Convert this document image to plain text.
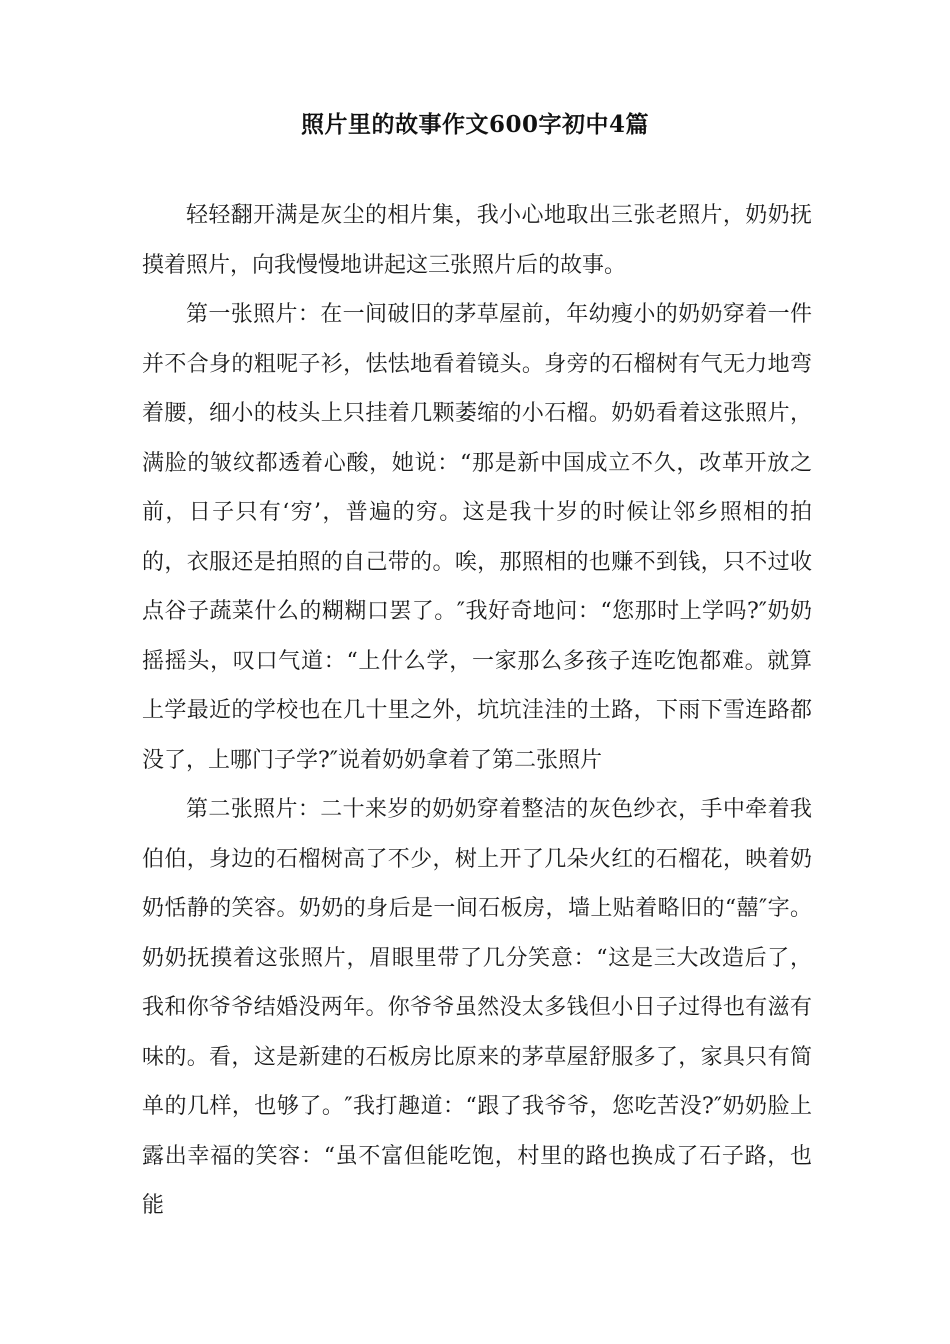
照片里的故事作文600字初中4篇

轻轻翻开满是灰尘的相片集，我小心地取出三张老照片，奶奶抚摸着照片，向我慢慢地讲起这三张照片后的故事。

第一张照片：在一间破旧的茅草屋前，年幼瘦小的奶奶穿着一件并不合身的粗呢子衫，怯怯地看着镜头。身旁的石榴树有气无力地弯着腰，细小的枝头上只挂着几颗萎缩的小石榴。奶奶看着这张照片，满脸的皱纹都透着心酸，她说：“那是新中国成立不久，改革开放之前，日子只有‘穷’，普遍的穷。这是我十岁的时候让邻乡照相的拍的，衣服还是拍照的自己带的。唉，那照相的也赚不到钱，只不过收点谷子蔬菜什么的糊糊口罢了。″我好奇地问：“您那时上学吗?″奶奶摇摇头，叹口气道：“上什么学，一家那么多孩子连吃饱都难。就算上学最近的学校也在几十里之外，坑坑洼洼的土路，下雨下雪连路都没了，上哪门子学?″说着奶奶拿着了第二张照片

第二张照片：二十来岁的奶奶穿着整洁的灰色纱衣，手中牵着我伯伯，身边的石榴树高了不少，树上开了几朵火红的石榴花，映着奶奶恬静的笑容。奶奶的身后是一间石板房，墙上贴着略旧的“囍″字。奶奶抚摸着这张照片，眉眼里带了几分笑意：“这是三大改造后了，我和你爷爷结婚没两年。你爷爷虽然没太多钱但小日子过得也有滋有味的。看，这是新建的石板房比原来的茅草屋舒服多了，家具只有简单的几样，也够了。″我打趣道：“跟了我爷爷，您吃苦没?″奶奶脸上露出幸福的笑容：“虽不富但能吃饱，村里的路也换成了石子路，也能
